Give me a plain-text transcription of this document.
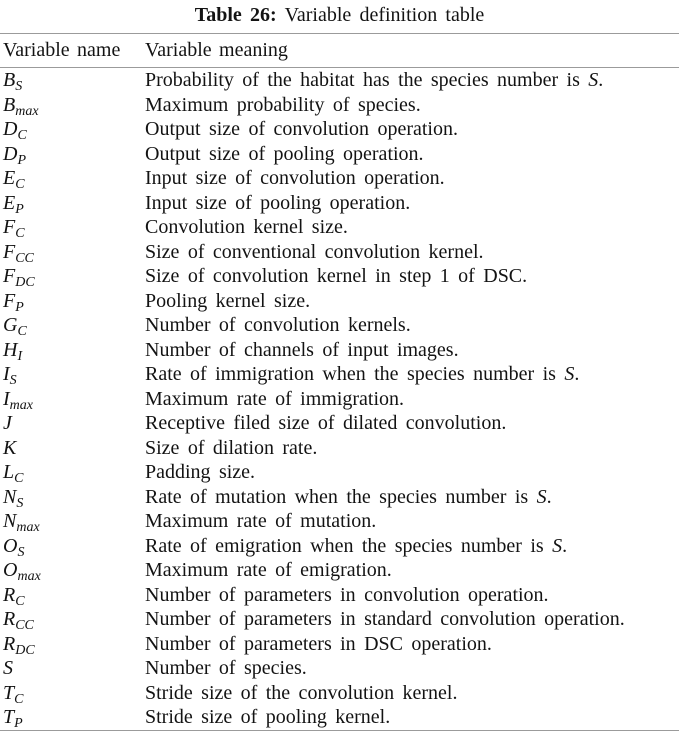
Table 26: Variable definition table
Variable name	Variable meaning
$B_S$	Probability of the habitat has the species number is S.
$B_{max}$	Maximum probability of species.
$D_C$	Output size of convolution operation.
$D_P$	Output size of pooling operation.
$E_C$	Input size of convolution operation.
$E_P$	Input size of pooling operation.
$F_C$	Convolution kernel size.
$F_{CC}$	Size of conventional convolution kernel.
$F_{DC}$	Size of convolution kernel in step 1 of DSC.
$F_P$	Pooling kernel size.
$G_C$	Number of convolution kernels.
$H_I$	Number of channels of input images.
$I_S$	Rate of immigration when the species number is S.
$I_{max}$	Maximum rate of immigration.
J	Receptive filed size of dilated convolution.
K	Size of dilation rate.
$L_C$	Padding size.
$N_S$	Rate of mutation when the species number is S.
$N_{max}$	Maximum rate of mutation.
$O_S$	Rate of emigration when the species number is S.
$O_{max}$	Maximum rate of emigration.
$R_C$	Number of parameters in convolution operation.
$R_{CC}$	Number of parameters in standard convolution operation.
$R_{DC}$	Number of parameters in DSC operation.
S	Number of species.
$T_C$	Stride size of the convolution kernel.
$T_P$	Stride size of pooling kernel.
